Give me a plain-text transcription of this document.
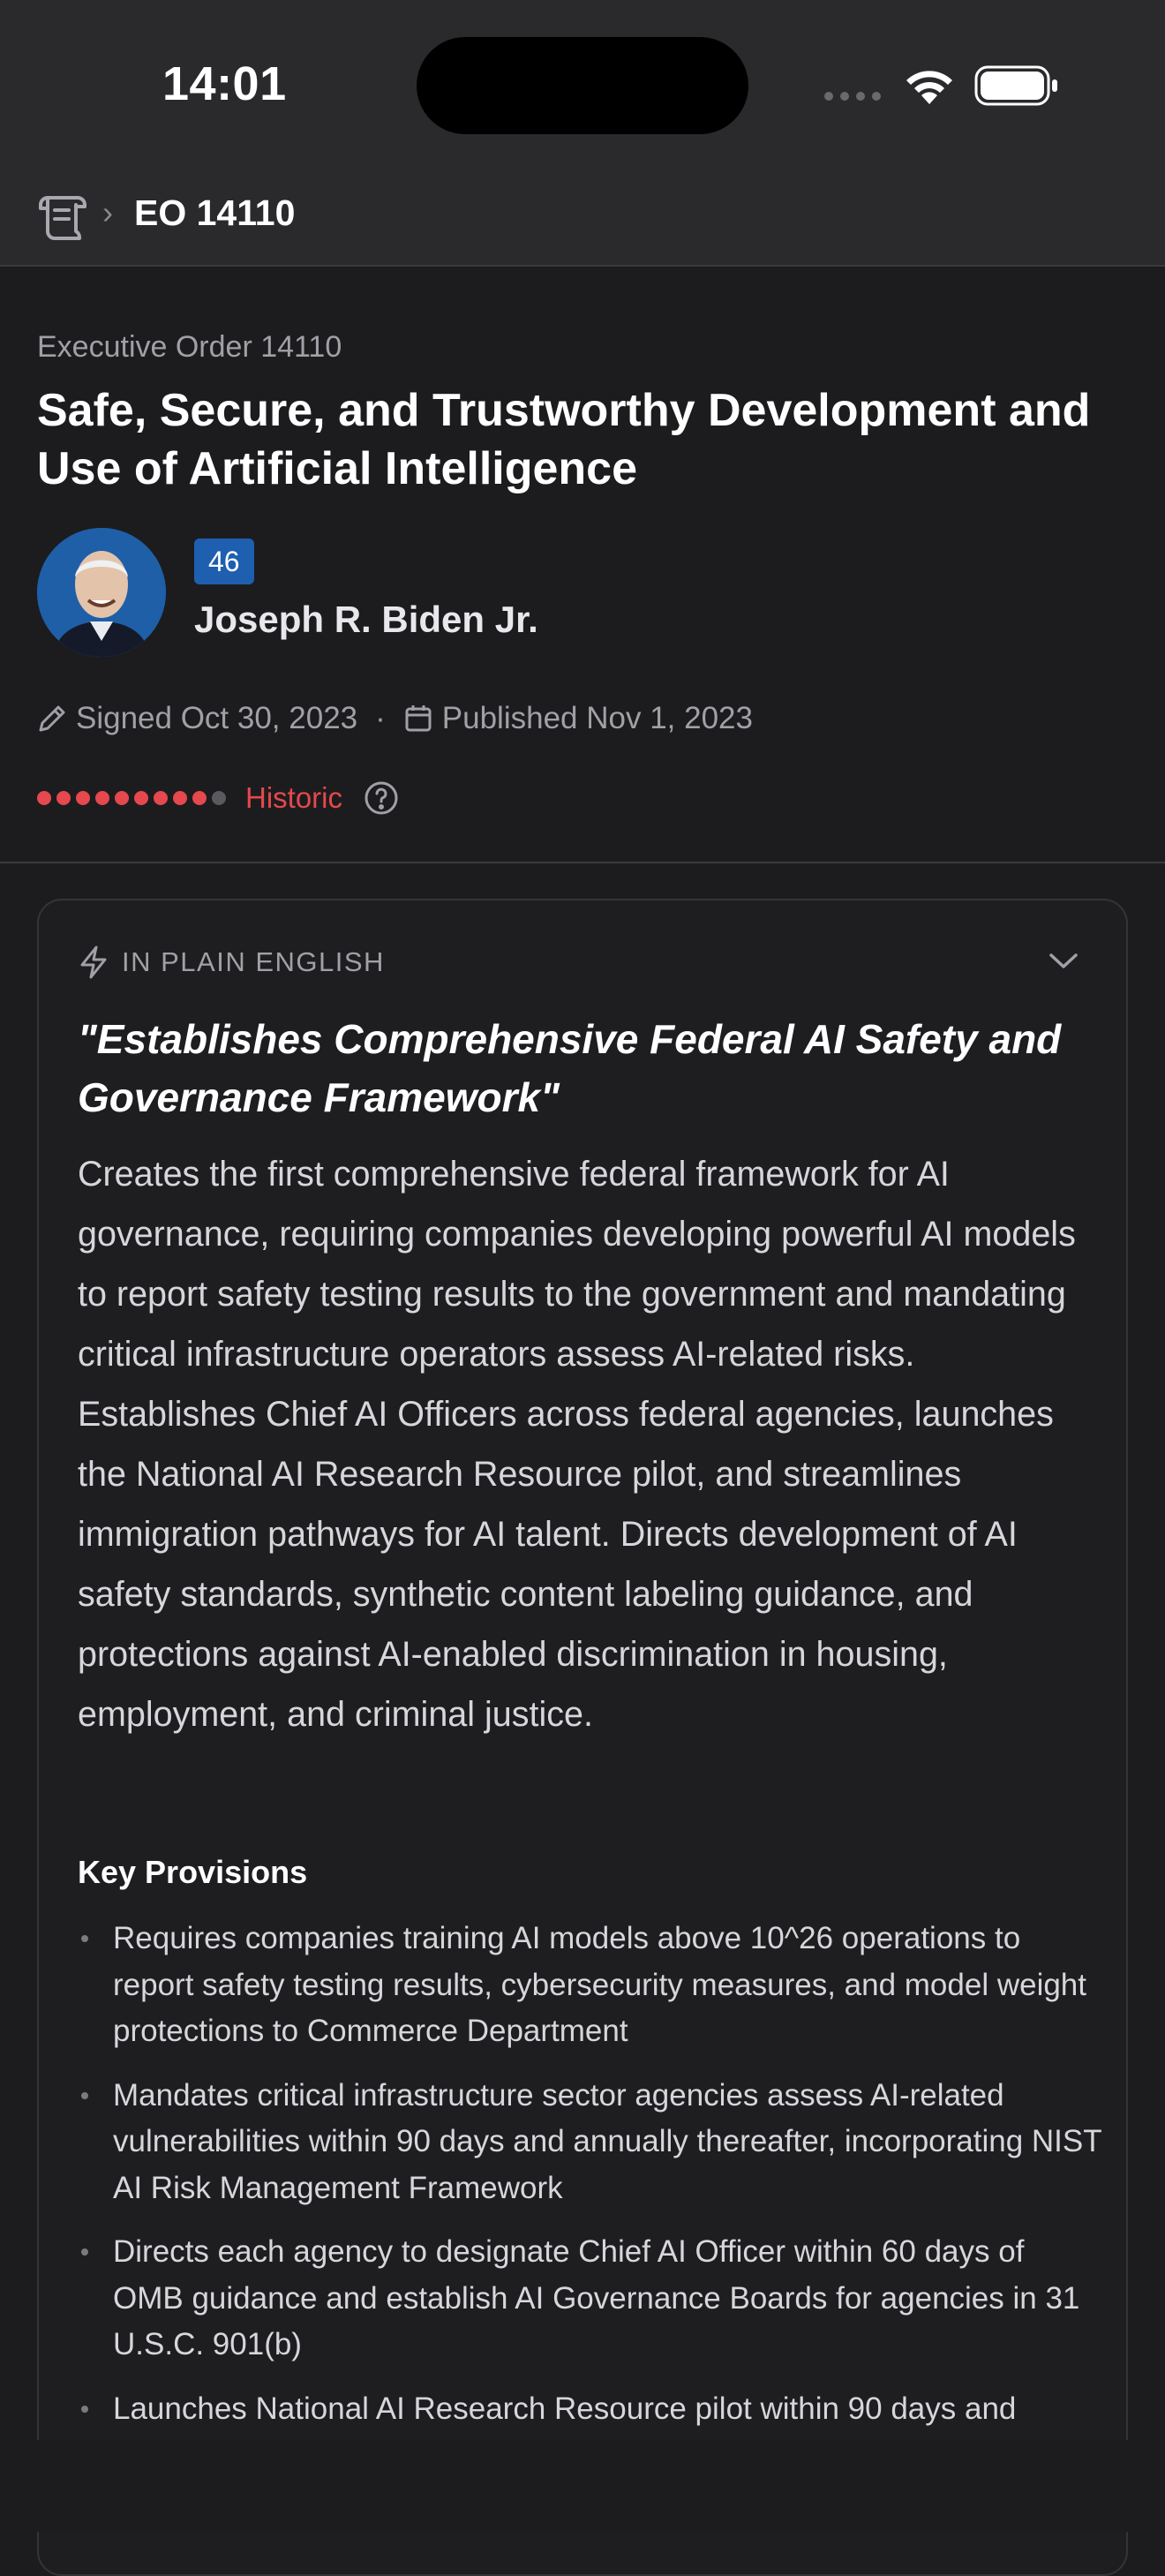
14:01
› EO 14110
Executive Order 14110
Safe, Secure, and Trustworthy Development and Use of Artificial Intelligence
46
Joseph R. Biden Jr.
Signed Oct 30, 2023 · Published Nov 1, 2023
Historic
IN PLAIN ENGLISH

"Establishes Comprehensive Federal AI Safety and Governance Framework"

Creates the first comprehensive federal framework for AI governance, requiring companies developing powerful AI models to report safety testing results to the government and mandating critical infrastructure operators assess AI-related risks. Establishes Chief AI Officers across federal agencies, launches the National AI Research Resource pilot, and streamlines immigration pathways for AI talent. Directs development of AI safety standards, synthetic content labeling guidance, and protections against AI-enabled discrimination in housing, employment, and criminal justice.

Key Provisions
Requires companies training AI models above 10^26 operations to report safety testing results, cybersecurity measures, and model weight protections to Commerce Department
Mandates critical infrastructure sector agencies assess AI-related vulnerabilities within 90 days and annually thereafter, incorporating NIST AI Risk Management Framework
Directs each agency to designate Chief AI Officer within 60 days of OMB guidance and establish AI Governance Boards for agencies in 31 U.S.C. 901(b)
Launches National AI Research Resource pilot within 90 days and
